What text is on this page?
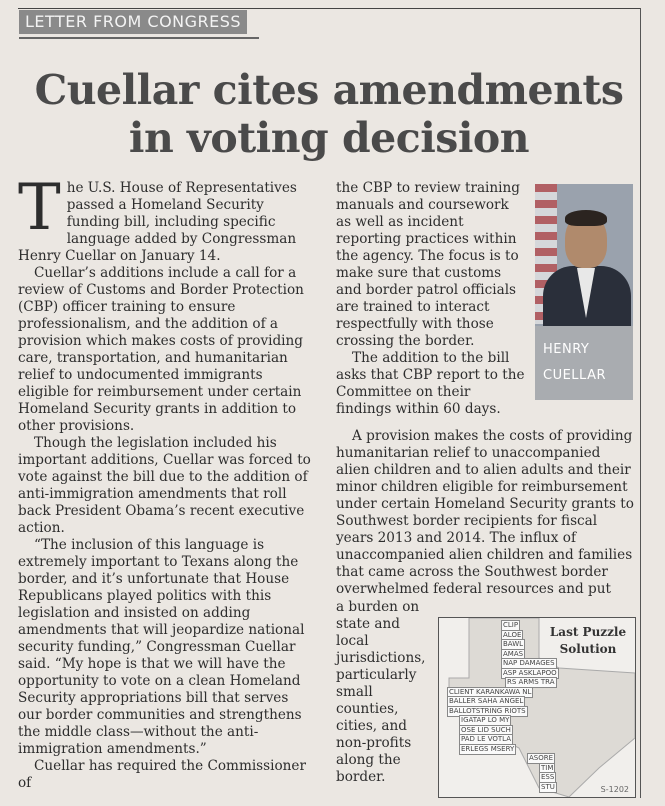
LETTER FROM CONGRESS
Cuellar cites amendments in voting decision

The U.S. House of Representatives passed a Homeland Security funding bill, including specific language added by Congressman Henry Cuellar on January 14.

Cuellar’s additions include a call for a review of Customs and Border Protection (CBP) officer training to ensure professionalism, and the addition of a provision which makes costs of providing care, transportation, and humanitarian relief to undocumented immigrants eligible for reimbursement under certain Homeland Security grants in addition to other provisions.

Though the legislation included his important additions, Cuellar was forced to vote against the bill due to the addition of anti-immigration amendments that roll back President Obama’s recent executive action.

“The inclusion of this language is extremely important to Texans along the border, and it’s unfortunate that House Republicans played politics with this legislation and insisted on adding amendments that will jeopardize national security funding,” Congressman Cuellar said. “My hope is that we will have the opportunity to vote on a clean Homeland Security appropriations bill that serves our border communities and strengthens the middle class—without the anti-immigration amendments.”

Cuellar has required the Commissioner of

the CBP to review training manuals and coursework as well as incident reporting practices within the agency. The focus is to make sure that customs and border patrol officials are trained to interact respectfully with those crossing the border.

The addition to the bill asks that CBP report to the Committee on their findings within 60 days.

HENRY
CUELLAR

A provision makes the costs of providing humanitarian relief to unaccompanied alien children and to alien adults and their minor children eligible for reimbursement under certain Homeland Security grants to Southwest border recipients for fiscal years 2013 and 2014. The influx of unaccompanied alien children and families that came across the Southwest border overwhelmed federal resources and put

a burden on state and local jurisdictions, particularly small counties, cities, and non-profits along the border.

Last Puzzle Solution
CLIP
ALOE
BAWL
AMAS
NAP DAMAGES
ASP ASKLAPOO
RS ARMS TRA
CLIENT KARANKAWA NL
BALLER SAHA ANGEL
BALLOTSTRING RIOTS
IGATAP LO MY
OSE LID SUCH
PAD LE VOTLA
ERLEGS MSERY
ASORE
TIM
ESS
STU	S-1202
